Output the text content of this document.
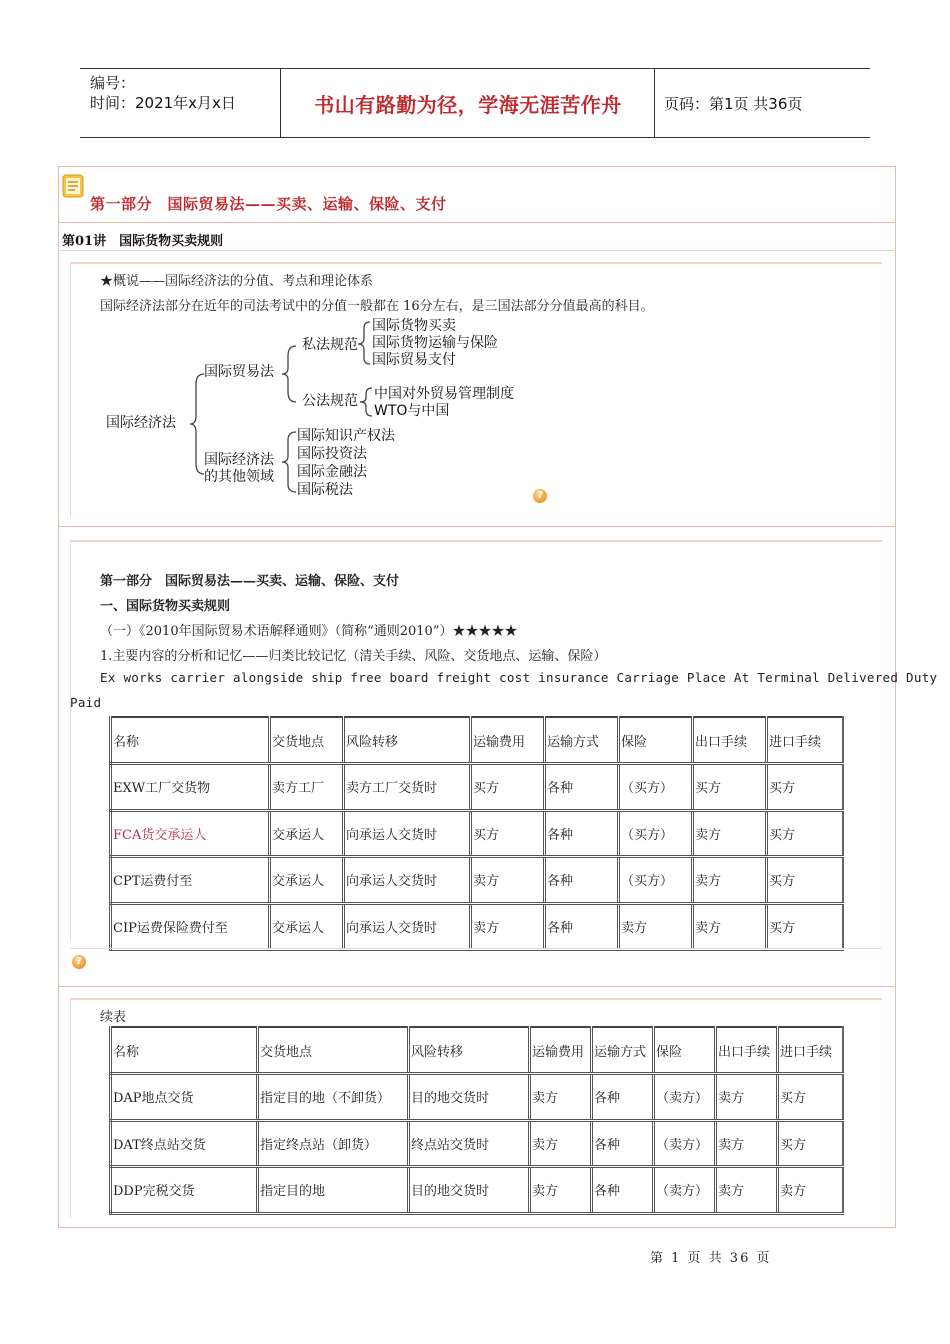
编号：
时间：2021年x月x日	书山有路勤为径，学海无涯苦作舟	页码：第1页 共36页
第一部分　国际贸易法——买卖、运输、保险、支付
第01讲　国际货物买卖规则
★概说——国际经济法的分值、考点和理论体系
国际经济法部分在近年的司法考试中的分值一般都在 16分左右，是三国法部分分值最高的科目。
国际经济法
国际贸易法
国际经济法
的其他领域
私法规范
公法规范
国际货物买卖
国际货物运输与保险
国际贸易支付
中国对外贸易管理制度
WTO与中国
国际知识产权法
国际投资法
国际金融法
国际税法	?
第一部分　国际贸易法——买卖、运输、保险、支付
一、国际货物买卖规则
（一）《2010年国际贸易术语解释通则》（简称“通则2010”）★★★★★
1.主要内容的分析和记忆——归类比较记忆（清关手续、风险、交货地点、运输、保险）
Ex works carrier alongside ship free board freight cost insurance Carriage Place At Terminal Delivered Duty
Paid
名称	交货地点	风险转移	运输费用	运输方式	保险	出口手续	进口手续
EXW工厂交货物	卖方工厂	卖方工厂交货时	买方	各种	（买方）	买方	买方
FCA货交承运人	交承运人	向承运人交货时	买方	各种	（买方）	卖方	买方
CPT运费付至	交承运人	向承运人交货时	卖方	各种	（买方）	卖方	买方
CIP运费保险费付至	交承运人	向承运人交货时	卖方	各种	卖方	卖方	买方
?
续表
名称	交货地点	风险转移	运输费用	运输方式	保险	出口手续	进口手续
DAP地点交货	指定目的地（不卸货）	目的地交货时	卖方	各种	（卖方）	卖方	买方
DAT终点站交货	指定终点站（卸货）	终点站交货时	卖方	各种	（卖方）	卖方	买方
DDP完税交货	指定目的地	目的地交货时	卖方	各种	（卖方）	卖方	卖方
第 1 页 共 36 页
